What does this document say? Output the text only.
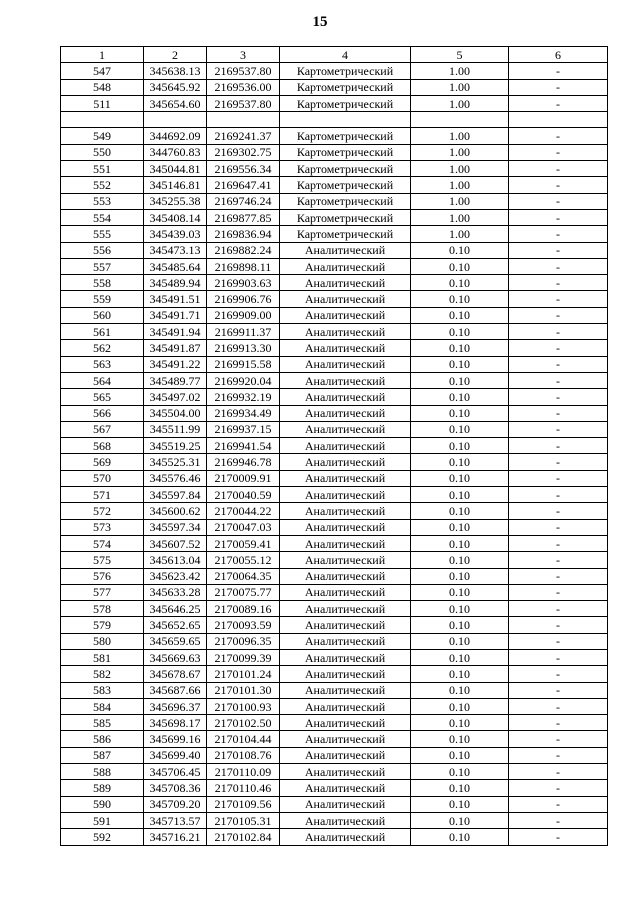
15
1	2	3	4	5	6
547	345638.13	2169537.80	Картометрический	1.00	-
548	345645.92	2169536.00	Картометрический	1.00	-
511	345654.60	2169537.80	Картометрический	1.00	-

549	344692.09	2169241.37	Картометрический	1.00	-
550	344760.83	2169302.75	Картометрический	1.00	-
551	345044.81	2169556.34	Картометрический	1.00	-
552	345146.81	2169647.41	Картометрический	1.00	-
553	345255.38	2169746.24	Картометрический	1.00	-
554	345408.14	2169877.85	Картометрический	1.00	-
555	345439.03	2169836.94	Картометрический	1.00	-
556	345473.13	2169882.24	Аналитический	0.10	-
557	345485.64	2169898.11	Аналитический	0.10	-
558	345489.94	2169903.63	Аналитический	0.10	-
559	345491.51	2169906.76	Аналитический	0.10	-
560	345491.71	2169909.00	Аналитический	0.10	-
561	345491.94	2169911.37	Аналитический	0.10	-
562	345491.87	2169913.30	Аналитический	0.10	-
563	345491.22	2169915.58	Аналитический	0.10	-
564	345489.77	2169920.04	Аналитический	0.10	-
565	345497.02	2169932.19	Аналитический	0.10	-
566	345504.00	2169934.49	Аналитический	0.10	-
567	345511.99	2169937.15	Аналитический	0.10	-
568	345519.25	2169941.54	Аналитический	0.10	-
569	345525.31	2169946.78	Аналитический	0.10	-
570	345576.46	2170009.91	Аналитический	0.10	-
571	345597.84	2170040.59	Аналитический	0.10	-
572	345600.62	2170044.22	Аналитический	0.10	-
573	345597.34	2170047.03	Аналитический	0.10	-
574	345607.52	2170059.41	Аналитический	0.10	-
575	345613.04	2170055.12	Аналитический	0.10	-
576	345623.42	2170064.35	Аналитический	0.10	-
577	345633.28	2170075.77	Аналитический	0.10	-
578	345646.25	2170089.16	Аналитический	0.10	-
579	345652.65	2170093.59	Аналитический	0.10	-
580	345659.65	2170096.35	Аналитический	0.10	-
581	345669.63	2170099.39	Аналитический	0.10	-
582	345678.67	2170101.24	Аналитический	0.10	-
583	345687.66	2170101.30	Аналитический	0.10	-
584	345696.37	2170100.93	Аналитический	0.10	-
585	345698.17	2170102.50	Аналитический	0.10	-
586	345699.16	2170104.44	Аналитический	0.10	-
587	345699.40	2170108.76	Аналитический	0.10	-
588	345706.45	2170110.09	Аналитический	0.10	-
589	345708.36	2170110.46	Аналитический	0.10	-
590	345709.20	2170109.56	Аналитический	0.10	-
591	345713.57	2170105.31	Аналитический	0.10	-
592	345716.21	2170102.84	Аналитический	0.10	-
